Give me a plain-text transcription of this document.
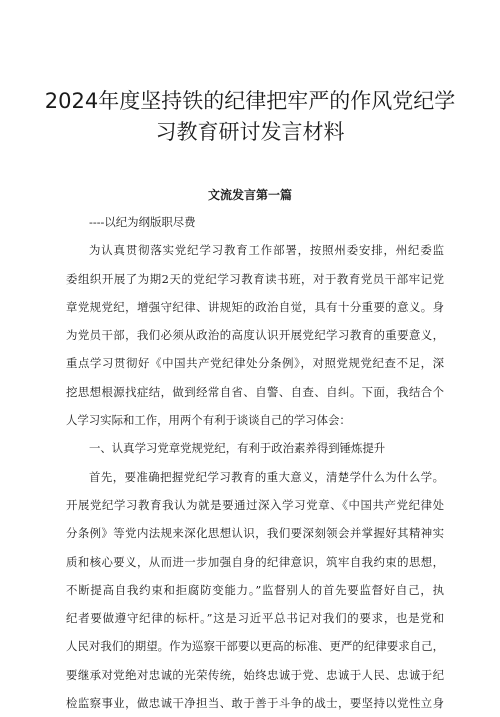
2024年度坚持铁的纪律把牢严的作风党纪学
习教育研讨发言材料
文流发言第一篇
----以纪为纲版职尽费
为认真贯彻落实党纪学习教育工作部署，按照州委安排，州纪委监
委组织开展了为期2天的党纪学习教育读书班，对于教育党员干部牢记党
章党规党纪，增强守纪律、讲规矩的政治自觉，具有十分重要的意义。身
为党员干部，我们必须从政治的高度认识开展党纪学习教育的重要意义，
重点学习贯彻好《中国共产党纪律处分条例》，对照党规党纪查不足，深
挖思想根源找症结，做到经常自省、自警、自查、自纠。下面，我结合个
人学习实际和工作，用两个有利于谈谈自己的学习体会：
一、认真学习党章党规党纪，有利于政治素养得到锤炼提升
首先，要准确把握党纪学习教育的重大意义，清楚学什么为什么学。
开展党纪学习教育我认为就是要通过深入学习党章、《中国共产党纪律处
分条例》等党内法规来深化思想认识，我们要深刻领会并掌握好其精神实
质和核心要义，从而进一步加强自身的纪律意识，筑牢自我约束的思想，
不断提高自我约束和拒腐防变能力。”监督别人的首先要监督好自己，执
纪者要做遵守纪律的标杆。”这是习近平总书记对我们的要求，也是党和
人民对我们的期望。作为巡察干部要以更高的标准、更严的纪律要求自己，
要继承对党绝对忠诚的光荣传统，始终忠诚于党、忠诚于人民、忠诚于纪
检监察事业，做忠诚干净担当、敢于善于斗争的战士，要坚持以党性立身
